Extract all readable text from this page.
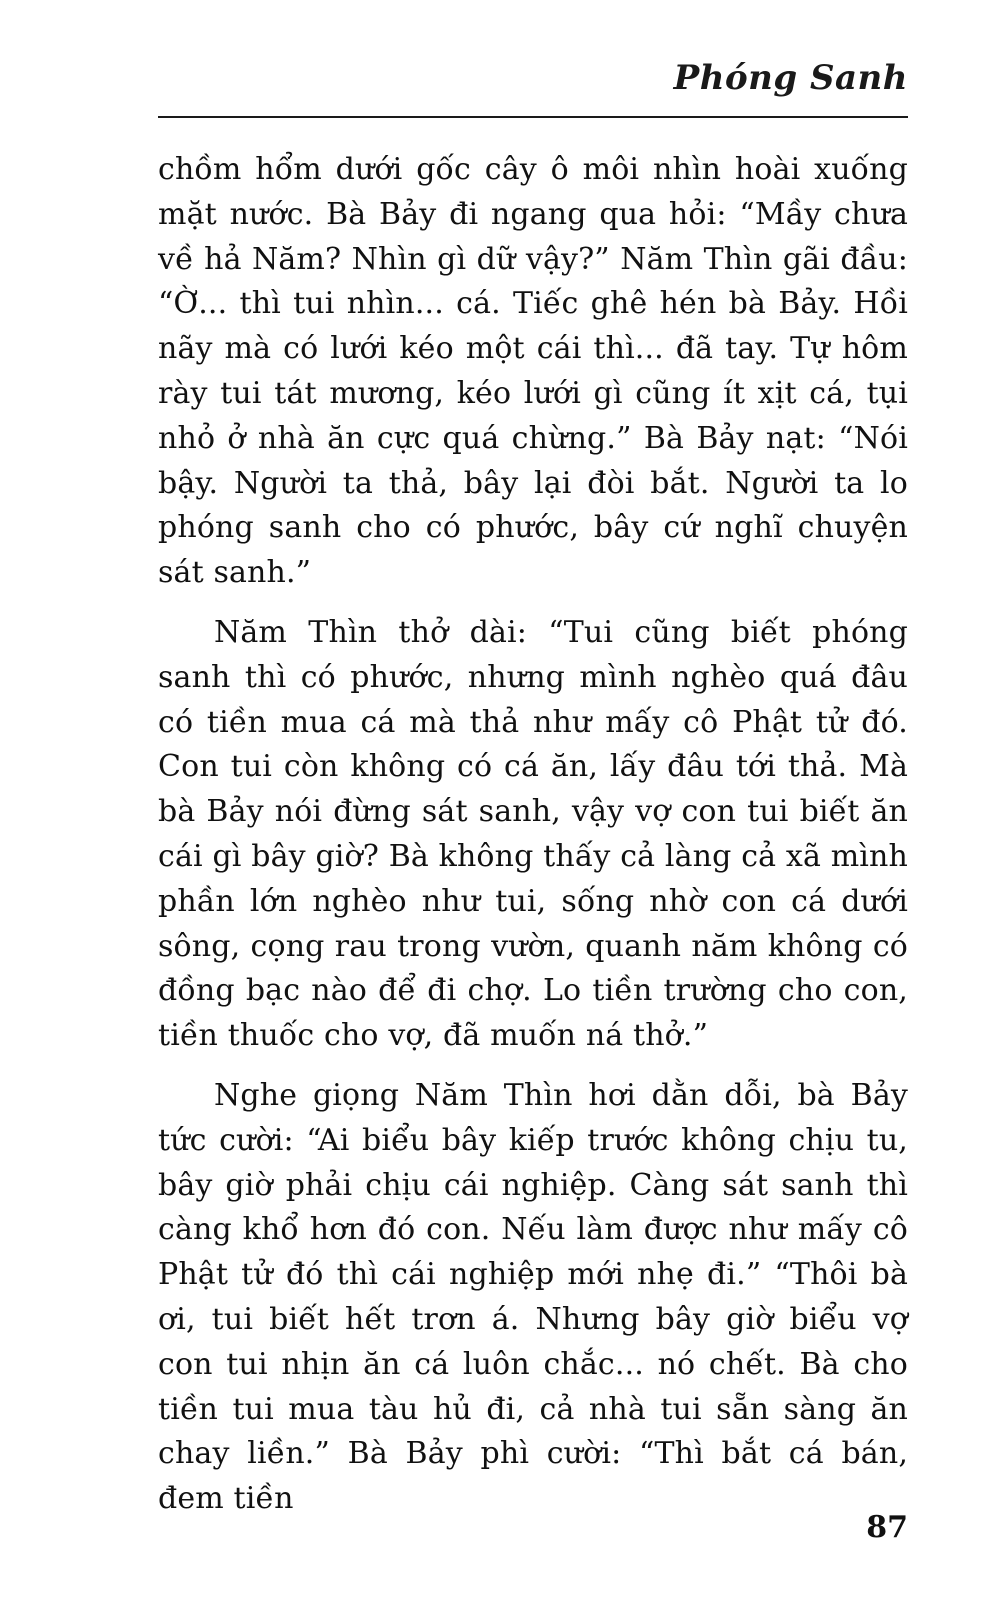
Phóng Sanh

chồm hổm dưới gốc cây ô môi nhìn hoài xuống mặt nước. Bà Bảy đi ngang qua hỏi: “Mầy chưa về hả Năm? Nhìn gì dữ vậy?” Năm Thìn gãi đầu: “Ờ... thì tui nhìn... cá. Tiếc ghê hén bà Bảy. Hồi nãy mà có lưới kéo một cái thì... đã tay. Tự hôm rày tui tát mương, kéo lưới gì cũng ít xịt cá, tụi nhỏ ở nhà ăn cực quá chừng.” Bà Bảy nạt: “Nói bậy. Người ta thả, bây lại đòi bắt. Người ta lo phóng sanh cho có phước, bây cứ nghĩ chuyện sát sanh.”

Năm Thìn thở dài: “Tui cũng biết phóng sanh thì có phước, nhưng mình nghèo quá đâu có tiền mua cá mà thả như mấy cô Phật tử đó. Con tui còn không có cá ăn, lấy đâu tới thả. Mà bà Bảy nói đừng sát sanh, vậy vợ con tui biết ăn cái gì bây giờ? Bà không thấy cả làng cả xã mình phần lớn nghèo như tui, sống nhờ con cá dưới sông, cọng rau trong vườn, quanh năm không có đồng bạc nào để đi chợ. Lo tiền trường cho con, tiền thuốc cho vợ, đã muốn ná thở.”

Nghe giọng Năm Thìn hơi dằn dỗi, bà Bảy tức cười: “Ai biểu bây kiếp trước không chịu tu, bây giờ phải chịu cái nghiệp. Càng sát sanh thì càng khổ hơn đó con. Nếu làm được như mấy cô Phật tử đó thì cái nghiệp mới nhẹ đi.” “Thôi bà ơi, tui biết hết trơn á. Nhưng bây giờ biểu vợ con tui nhịn ăn cá luôn chắc... nó chết. Bà cho tiền tui mua tàu hủ đi, cả nhà tui sẵn sàng ăn chay liền.” Bà Bảy phì cười: “Thì bắt cá bán, đem tiền

87
